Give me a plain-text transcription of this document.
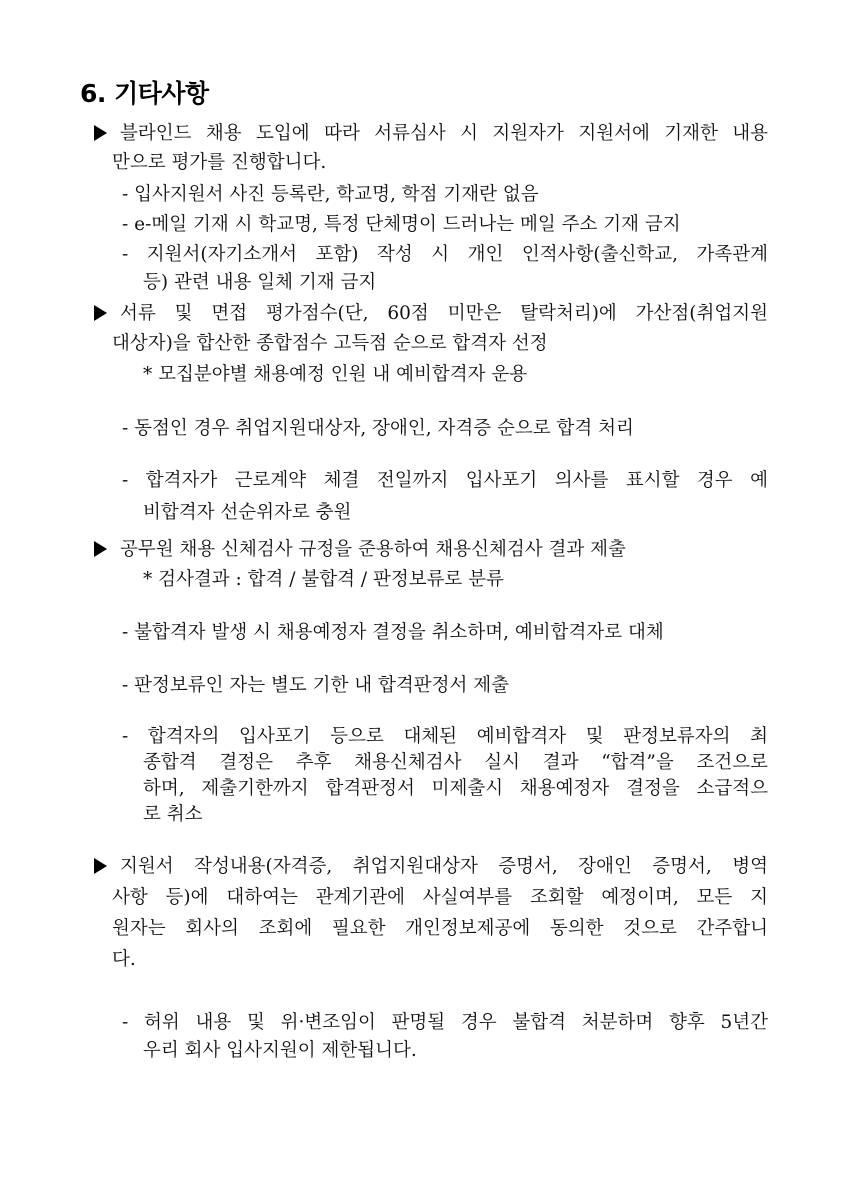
6. 기타사항
블라인드 채용 도입에 따라 서류심사 시 지원자가 지원서에 기재한 내용
만으로 평가를 진행합니다.
- 입사지원서 사진 등록란, 학교명, 학점 기재란 없음
- e-메일 기재 시 학교명, 특정 단체명이 드러나는 메일 주소 기재 금지
- 지원서(자기소개서 포함) 작성 시 개인 인적사항(출신학교, 가족관계
등) 관련 내용 일체 기재 금지
서류 및 면접 평가점수(단, 60점 미만은 탈락처리)에 가산점(취업지원
대상자)을 합산한 종합점수 고득점 순으로 합격자 선정
* 모집분야별 채용예정 인원 내 예비합격자 운용
- 동점인 경우 취업지원대상자, 장애인, 자격증 순으로 합격 처리
- 합격자가 근로계약 체결 전일까지 입사포기 의사를 표시할 경우 예
비합격자 선순위자로 충원
공무원 채용 신체검사 규정을 준용하여 채용신체검사 결과 제출
* 검사결과 : 합격 / 불합격 / 판정보류로 분류
- 불합격자 발생 시 채용예정자 결정을 취소하며, 예비합격자로 대체
- 판정보류인 자는 별도 기한 내 합격판정서 제출
- 합격자의 입사포기 등으로 대체된 예비합격자 및 판정보류자의 최
종합격 결정은 추후 채용신체검사 실시 결과 “합격”을 조건으로
하며, 제출기한까지 합격판정서 미제출시 채용예정자 결정을 소급적으
로 취소
지원서 작성내용(자격증, 취업지원대상자 증명서, 장애인 증명서, 병역
사항 등)에 대하여는 관계기관에 사실여부를 조회할 예정이며, 모든 지
원자는 회사의 조회에 필요한 개인정보제공에 동의한 것으로 간주합니
다.
- 허위 내용 및 위·변조임이 판명될 경우 불합격 처분하며 향후 5년간
우리 회사 입사지원이 제한됩니다.
